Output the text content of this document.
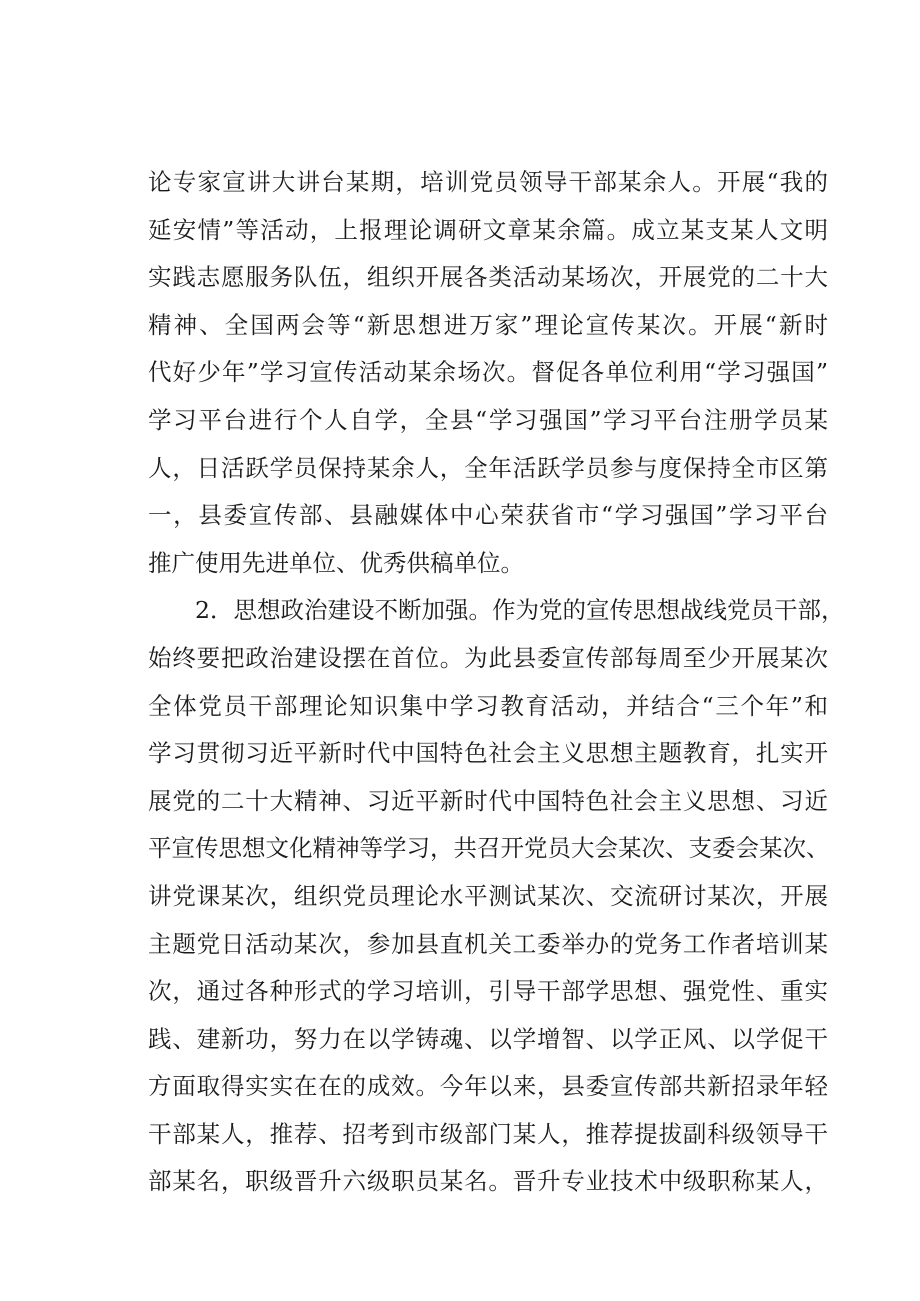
论专家宣讲大讲台某期，培训党员领导干部某余人。开展“我的
延安情”等活动，上报理论调研文章某余篇。成立某支某人文明
实践志愿服务队伍，组织开展各类活动某场次，开展党的二十大
精神、全国两会等“新思想进万家”理论宣传某次。开展“新时
代好少年”学习宣传活动某余场次。督促各单位利用“学习强国”
学习平台进行个人自学，全县“学习强国”学习平台注册学员某
人，日活跃学员保持某余人，全年活跃学员参与度保持全市区第
一，县委宣传部、县融媒体中心荣获省市“学习强国”学习平台
推广使用先进单位、优秀供稿单位。
2．思想政治建设不断加强。作为党的宣传思想战线党员干部，
始终要把政治建设摆在首位。为此县委宣传部每周至少开展某次
全体党员干部理论知识集中学习教育活动，并结合“三个年”和
学习贯彻习近平新时代中国特色社会主义思想主题教育，扎实开
展党的二十大精神、习近平新时代中国特色社会主义思想、习近
平宣传思想文化精神等学习，共召开党员大会某次、支委会某次、
讲党课某次，组织党员理论水平测试某次、交流研讨某次，开展
主题党日活动某次，参加县直机关工委举办的党务工作者培训某
次，通过各种形式的学习培训，引导干部学思想、强党性、重实
践、建新功，努力在以学铸魂、以学增智、以学正风、以学促干
方面取得实实在在的成效。今年以来，县委宣传部共新招录年轻
干部某人，推荐、招考到市级部门某人，推荐提拔副科级领导干
部某名，职级晋升六级职员某名。晋升专业技术中级职称某人，
